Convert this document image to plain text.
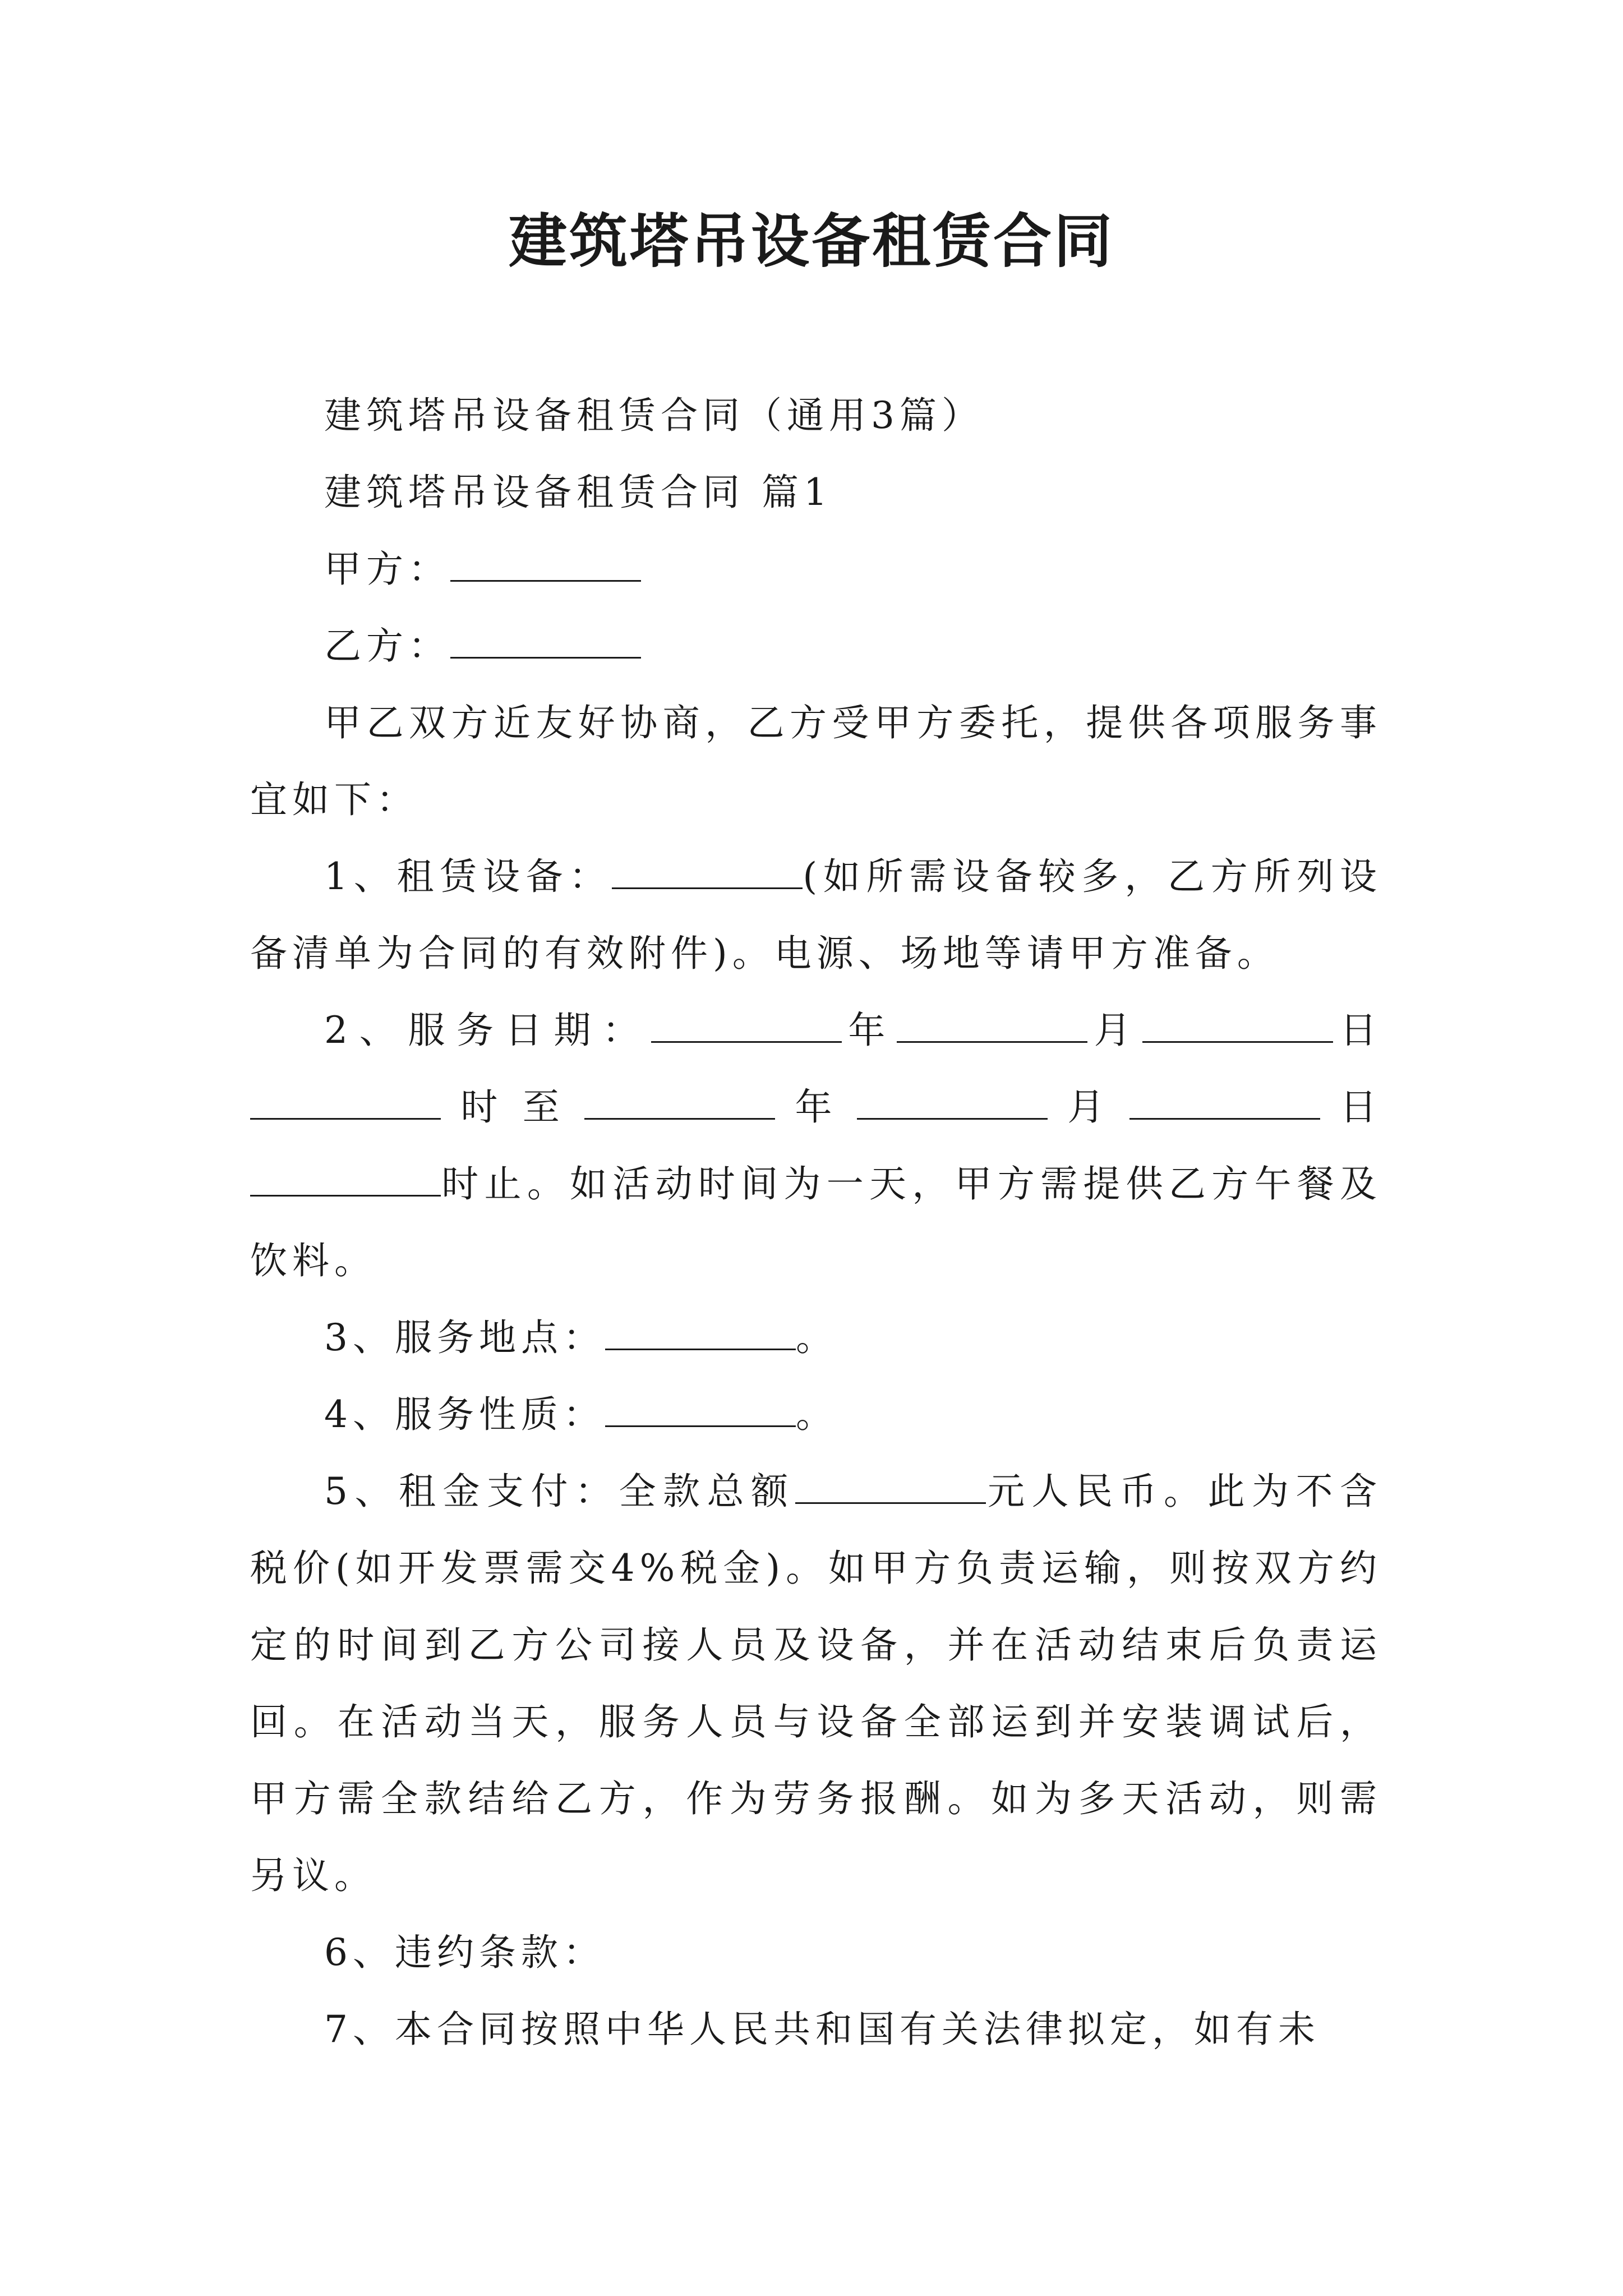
建筑塔吊设备租赁合同

建筑塔吊设备租赁合同（通用3篇）

建筑塔吊设备租赁合同 篇1

甲方：

乙方：

甲乙双方近友好协商，乙方受甲方委托，提供各项服务事宜如下：

1、租赁设备：	(如所需设备较多，乙方所列设备清单为合同的有效附件)。电源、场地等请甲方准备。

2、服务日期：	年	月	日时至	年	月	日时止。如活动时间为一天，甲方需提供乙方午餐及饮料。

3、服务地点：	。

4、服务性质：	。

5、租金支付：全款总额	元人民币。此为不含税价(如开发票需交4%税金)。如甲方负责运输，则按双方约定的时间到乙方公司接人员及设备，并在活动结束后负责运回。在活动当天，服务人员与设备全部运到并安装调试后，甲方需全款结给乙方，作为劳务报酬。如为多天活动，则需另议。

6、违约条款：

7、本合同按照中华人民共和国有关法律拟定，如有未
